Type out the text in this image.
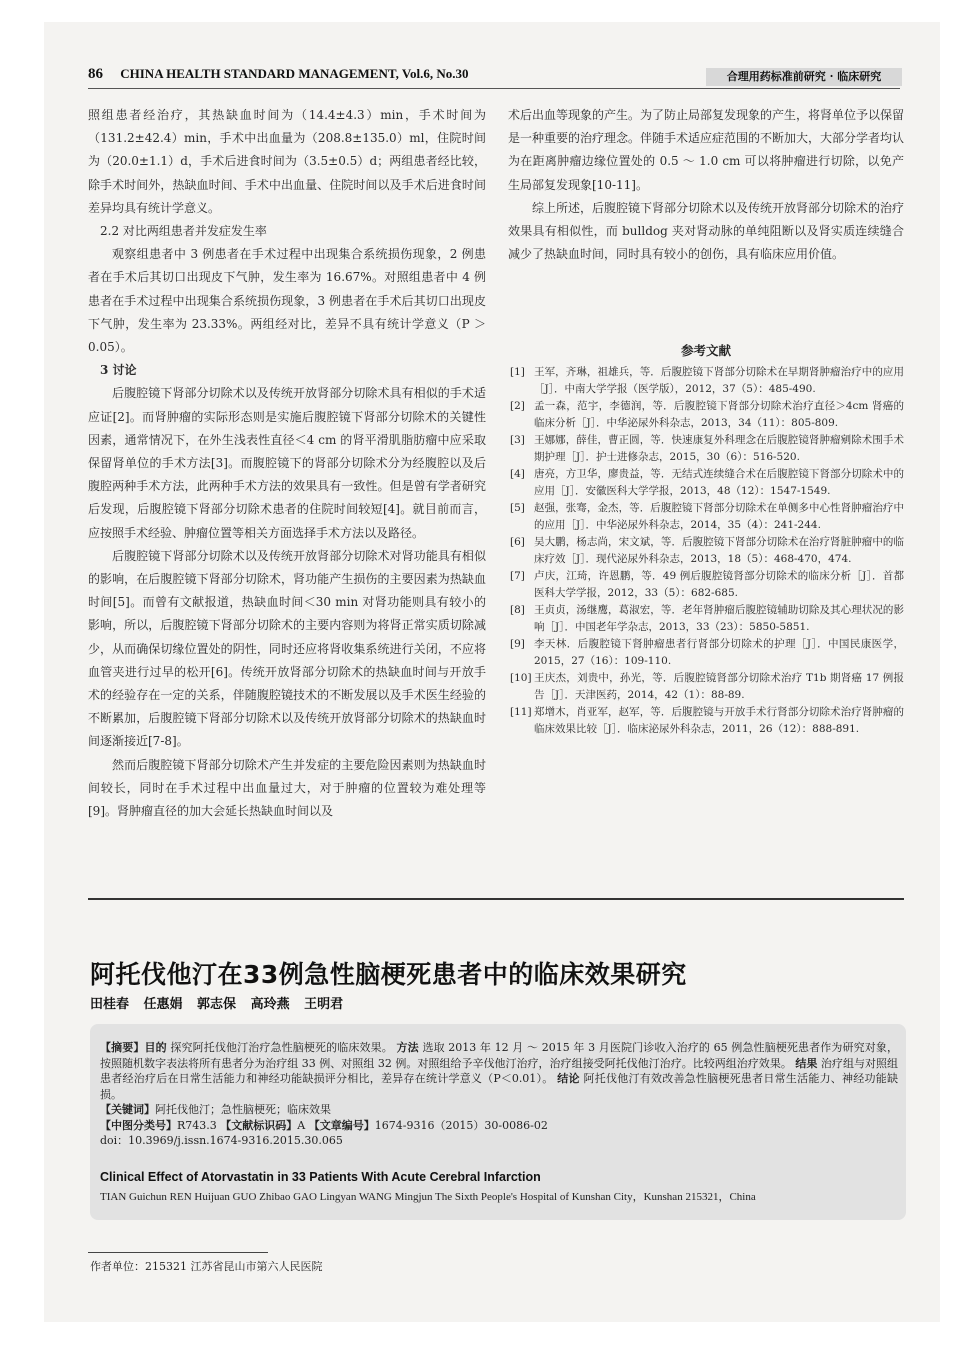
86 CHINA HEALTH STANDARD MANAGEMENT, Vol.6, No.30	合理用药标准前研究 · 临床研究

照组患者经治疗，其热缺血时间为（14.4±4.3）min，手术时间为（131.2±42.4）min，手术中出血量为（208.8±135.0）ml，住院时间为（20.0±1.1）d，手术后进食时间为（3.5±0.5）d；两组患者经比较，除手术时间外，热缺血时间、手术中出血量、住院时间以及手术后进食时间差异均具有统计学意义。

2.2 对比两组患者并发症发生率

观察组患者中 3 例患者在手术过程中出现集合系统损伤现象，2 例患者在手术后其切口出现皮下气肿，发生率为 16.67%。对照组患者中 4 例患者在手术过程中出现集合系统损伤现象，3 例患者在手术后其切口出现皮下气肿，发生率为 23.33%。两组经对比，差异不具有统计学意义（P ＞ 0.05）。

3 讨论

后腹腔镜下肾部分切除术以及传统开放肾部分切除术具有相似的手术适应证[2]。而肾肿瘤的实际形态则是实施后腹腔镜下肾部分切除术的关键性因素，通常情况下，在外生浅表性直径＜4 cm 的肾平滑肌脂肪瘤中应采取保留肾单位的手术方法[3]。而腹腔镜下的肾部分切除术分为经腹腔以及后腹腔两种手术方法，此两种手术方法的效果具有一致性。但是曾有学者研究后发现，后腹腔镜下肾部分切除术患者的住院时间较短[4]。就目前而言，应按照手术经验、肿瘤位置等相关方面选择手术方法以及路径。

后腹腔镜下肾部分切除术以及传统开放肾部分切除术对肾功能具有相似的影响，在后腹腔镜下肾部分切除术，肾功能产生损伤的主要因素为热缺血时间[5]。而曾有文献报道，热缺血时间＜30 min 对肾功能则具有较小的影响，所以，后腹腔镜下肾部分切除术的主要内容则为将肾正常实质切除减少，从而确保切缘位置处的阴性，同时还应将肾收集系统进行关闭，不应将血管夹进行过早的松开[6]。传统开放肾部分切除术的热缺血时间与开放手术的经验存在一定的关系，伴随腹腔镜技术的不断发展以及手术医生经验的不断累加，后腹腔镜下肾部分切除术以及传统开放肾部分切除术的热缺血时间逐渐接近[7-8]。

然而后腹腔镜下肾部分切除术产生并发症的主要危险因素则为热缺血时间较长，同时在手术过程中出血量过大，对于肿瘤的位置较为难处理等[9]。肾肿瘤直径的加大会延长热缺血时间以及

术后出血等现象的产生。为了防止局部复发现象的产生，将肾单位予以保留是一种重要的治疗理念。伴随手术适应症范围的不断加大，大部分学者均认为在距离肿瘤边缘位置处的 0.5 ～ 1.0 cm 可以将肿瘤进行切除，以免产生局部复发现象[10-11]。

综上所述，后腹腔镜下肾部分切除术以及传统开放肾部分切除术的治疗效果具有相似性，而 bulldog 夹对肾动脉的单纯阻断以及肾实质连续缝合减少了热缺血时间，同时具有较小的创伤，具有临床应用价值。

参考文献
[1] 王军，齐琳，祖雄兵，等．后腹腔镜下肾部分切除术在早期肾肿瘤治疗中的应用［J］．中南大学学报（医学版），2012，37（5）：485-490.
[2] 孟一森，范宇，李德润，等．后腹腔镜下肾部分切除术治疗直径＞4cm 肾癌的临床分析［J］．中华泌尿外科杂志，2013，34（11）：805-809.
[3] 王娜娜，薛佳，曹正圆，等．快速康复外科理念在后腹腔镜肾肿瘤剜除术围手术期护理［J］．护士进修杂志，2015，30（6）：516-520.
[4] 唐亮，方卫华，廖贵益，等．无结式连续缝合术在后腹腔镜下肾部分切除术中的应用［J］．安徽医科大学学报，2013，48（12）：1547-1549.
[5] 赵强，张骞，金杰，等．后腹腔镜下肾部分切除术在单侧多中心性肾肿瘤治疗中的应用［J］．中华泌尿外科杂志，2014，35（4）：241-244.
[6] 吴大鹏，杨志尚，宋文斌，等．后腹腔镜下肾部分切除术在治疗肾脏肿瘤中的临床疗效［J］．现代泌尿外科杂志，2013，18（5）：468-470，474.
[7] 卢庆，江琦，许恩鹏，等．49 例后腹腔镜肾部分切除术的临床分析［J］．首都医科大学学报，2012，33（5）：682-685.
[8] 王贞贞，汤继鹰，葛淑宏，等．老年肾肿瘤后腹腔镜辅助切除及其心理状况的影响［J］．中国老年学杂志，2013，33（23）：5850-5851.
[9] 李天林．后腹腔镜下肾肿瘤患者行肾部分切除术的护理［J］．中国民康医学，2015，27（16）：109-110.
[10] 王庆杰，刘贵中，孙光，等．后腹腔镜肾部分切除术治疗 T1b 期肾癌 17 例报告［J］．天津医药，2014，42（1）：88-89.
[11] 郑增木，肖亚军，赵军，等．后腹腔镜与开放手术行肾部分切除术治疗肾肿瘤的临床效果比较［J］．临床泌尿外科杂志，2011，26（12）：888-891.
阿托伐他汀在33例急性脑梗死患者中的临床效果研究
田桂春 任惠娟 郭志保 高玲燕 王明君

【摘要】目的 探究阿托伐他汀治疗急性脑梗死的临床效果。 方法 选取 2013 年 12 月 ～ 2015 年 3 月医院门诊收入治疗的 65 例急性脑梗死患者作为研究对象，按照随机数字表法将所有患者分为治疗组 33 例、对照组 32 例。对照组给予辛伐他汀治疗，治疗组接受阿托伐他汀治疗。比较两组治疗效果。 结果 治疗组与对照组患者经治疗后在日常生活能力和神经功能缺损评分相比，差异存在统计学意义（P＜0.01）。 结论 阿托伐他汀有效改善急性脑梗死患者日常生活能力、神经功能缺损。

【关键词】阿托伐他汀；急性脑梗死；临床效果

【中图分类号】R743.3 【文献标识码】A 【文章编号】1674-9316（2015）30-0086-02

doi：10.3969/j.issn.1674-9316.2015.30.065

Clinical Effect of Atorvastatin in 33 Patients With Acute Cerebral Infarction
TIAN Guichun REN Huijuan GUO Zhibao GAO Lingyan WANG Mingjun The Sixth People's Hospital of Kunshan City，Kunshan 215321，China
作者单位：215321 江苏省昆山市第六人民医院
